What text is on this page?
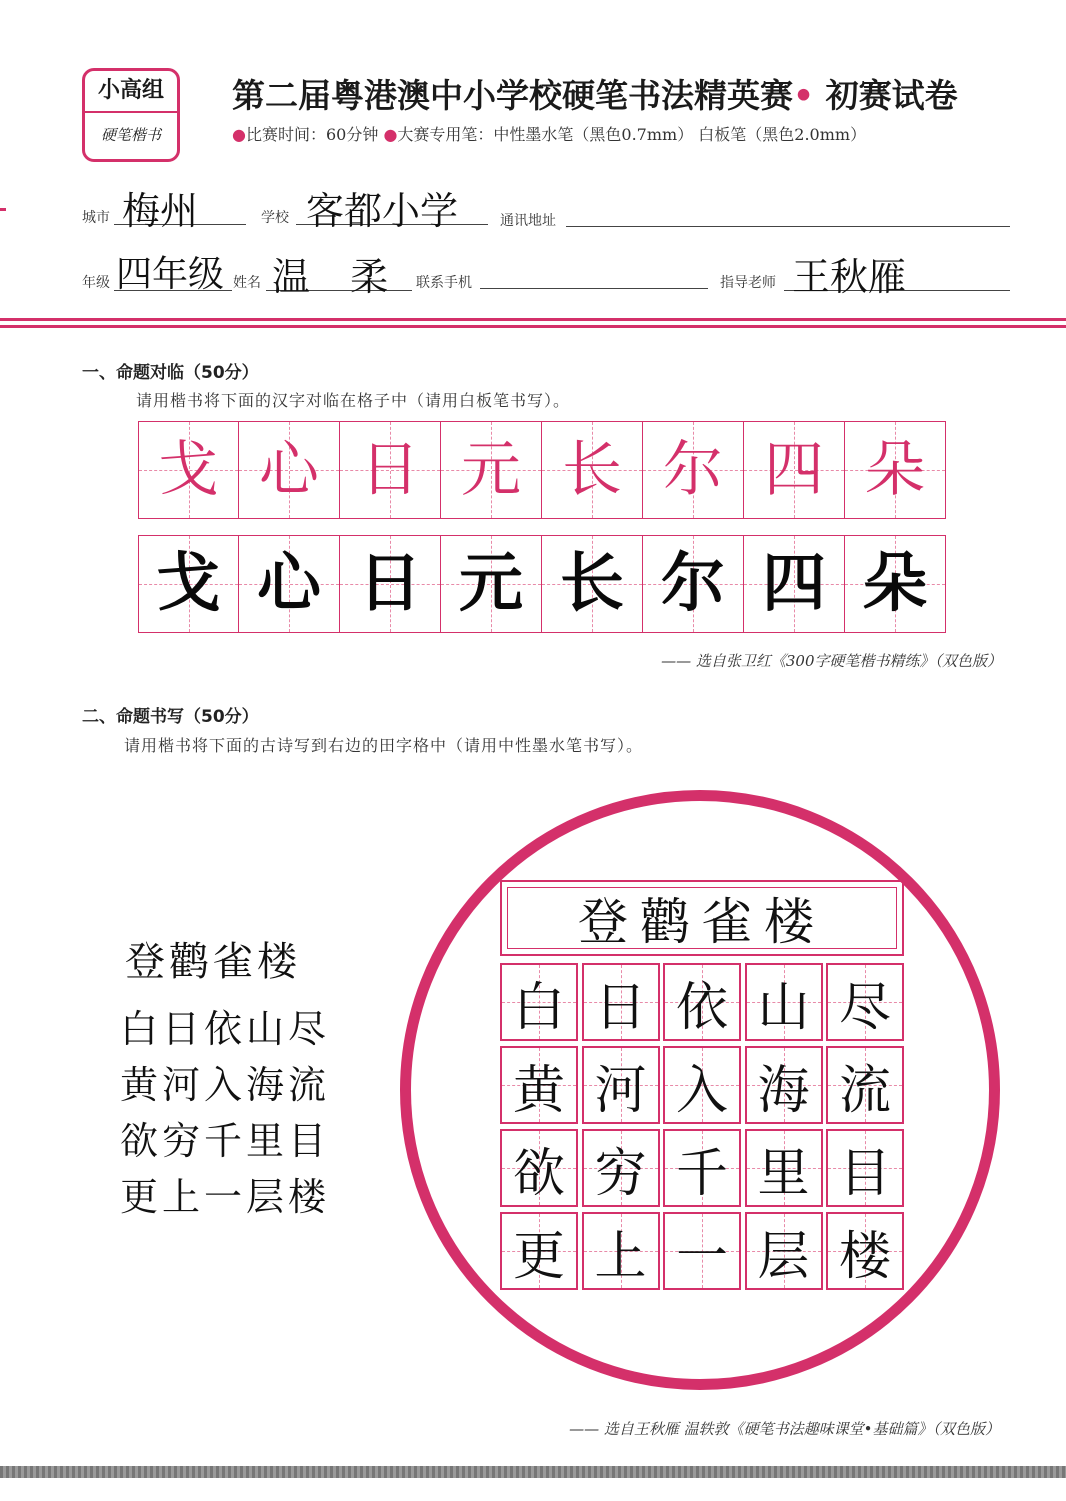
小高组
硬笔楷书
第二届粤港澳中小学校硬笔书法精英赛• 初赛试卷
●比赛时间：60分钟 ●大赛专用笔：中性墨水笔（黑色0.7mm） 白板笔（黑色2.0mm）
城市 梅州	学校 客都小学	通讯地址
年级 四年级 姓名 温 柔 联系手机	指导老师 王秋雁
一、命题对临（50分）
请用楷书将下面的汉字对临在格子中（请用白板笔书写）。
戈 心 日 元 长 尔 四 朵
戈 心 日 元 长 尔 四 朵
—— 选自张卫红《300字硬笔楷书精练》（双色版）
二、命题书写（50分）
请用楷书将下面的古诗写到右边的田字格中（请用中性墨水笔书写）。
登鹳雀楼
白日依山尽
黄河入海流
欲穷千里目
更上一层楼
登鹳雀楼
白 日 依 山 尽
黄 河 入 海 流
欲 穷 千 里 目
更 上 一 层 楼
—— 选自王秋雁 温轶敦《硬笔书法趣味课堂•基础篇》（双色版）
